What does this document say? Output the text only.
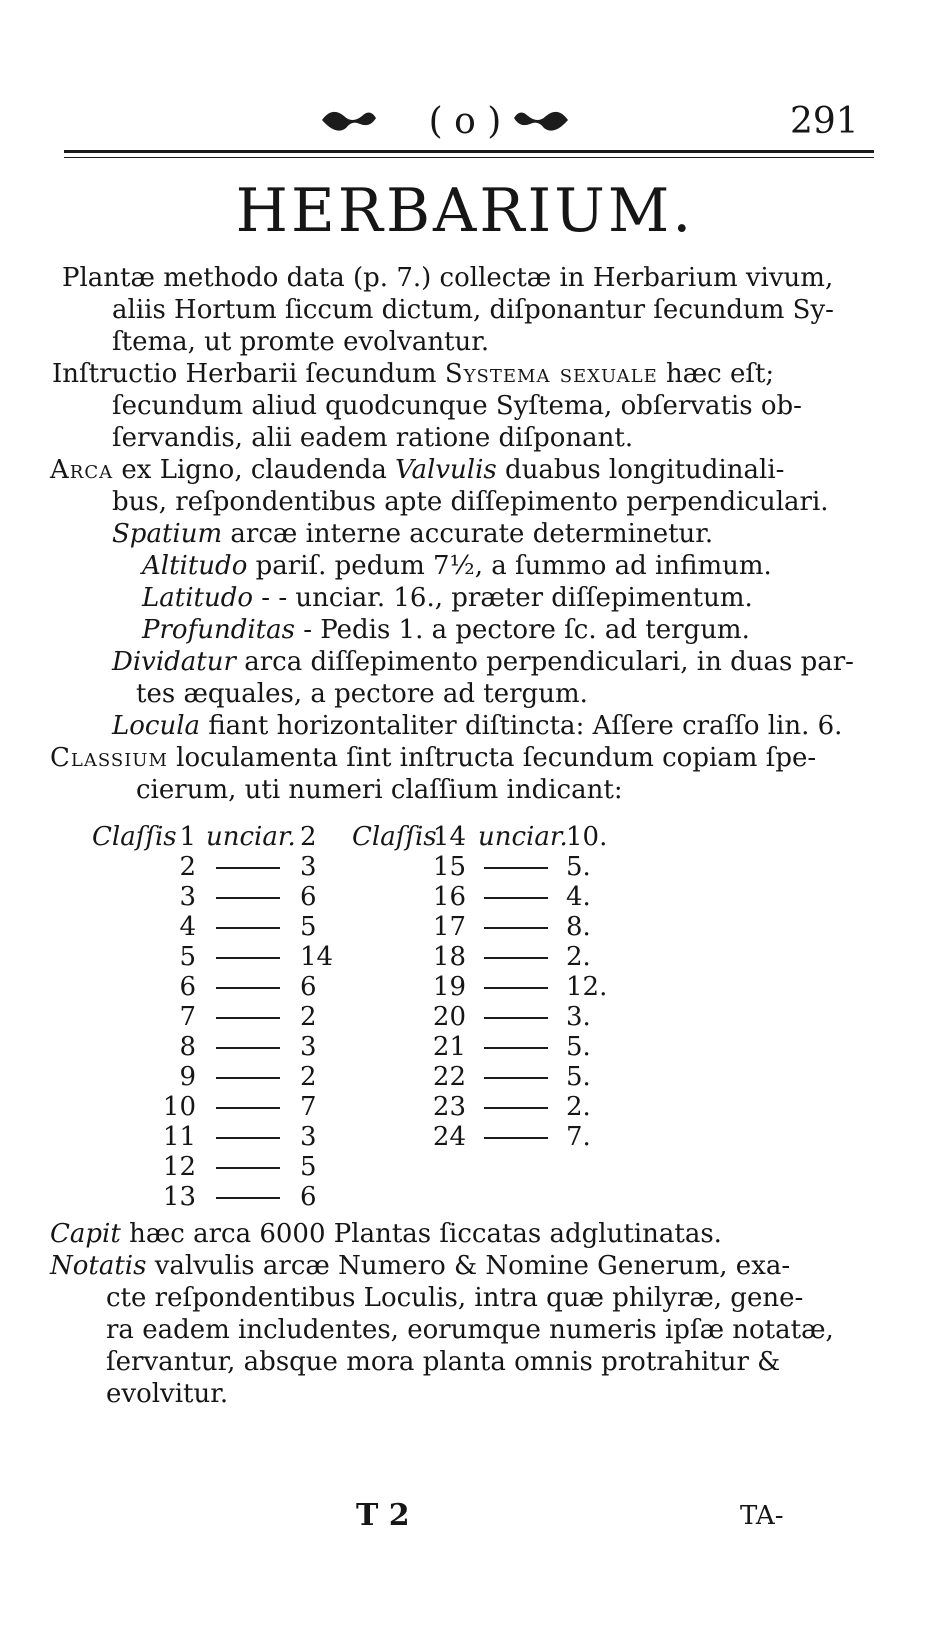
( o )	291
HERBARIUM.
Plantæ methodo data (p. 7.) collectæ in Herbarium vivum,
aliis Hortum ſiccum dictum, diſponantur ſecundum Sy-
ſtema, ut promte evolvantur.
Inſtructio Herbarii ſecundum Systema sexuale hæc eſt;
ſecundum aliud quodcunque Syſtema, obſervatis ob-
ſervandis, alii eadem ratione diſponant.
Arca ex Ligno, claudenda Valvulis duabus longitudinali-
bus, reſpondentibus apte diſſepimento perpendiculari.
Spatium arcæ interne accurate determinetur.
Altitudo pariſ. pedum 7½, a ſummo ad infimum.
Latitudo - - unciar. 16., præter diſſepimentum.
Profunditas - Pedis 1. a pectore ſc. ad tergum.
Dividatur arca diſſepimento perpendiculari, in duas par-
tes æquales, a pectore ad tergum.
Locula fiant horizontaliter diſtincta: Aſſere craſſo lin. 6.
Classium loculamenta ſint inſtructa ſecundum copiam ſpe-
cierum, uti numeri claſſium indicant:
Claſſis unciar. Claſſis unciar.
1	2
2	3
3	6
4	5
5	14
6	6
7	2
8	3
9	2
10	7
11	3
12	5
13	6
14	10.
15	5.
16	4.
17	8.
18	2.
19	12.
20	3.
21	5.
22	5.
23	2.
24	7.
Capit hæc arca 6000 Plantas ſiccatas adglutinatas.
Notatis valvulis arcæ Numero & Nomine Generum, exa-
cte reſpondentibus Loculis, intra quæ philyræ, gene-
ra eadem includentes, eorumque numeris ipſæ notatæ,
ſervantur, absque mora planta omnis protrahitur &
evolvitur.
T 2	TA-
